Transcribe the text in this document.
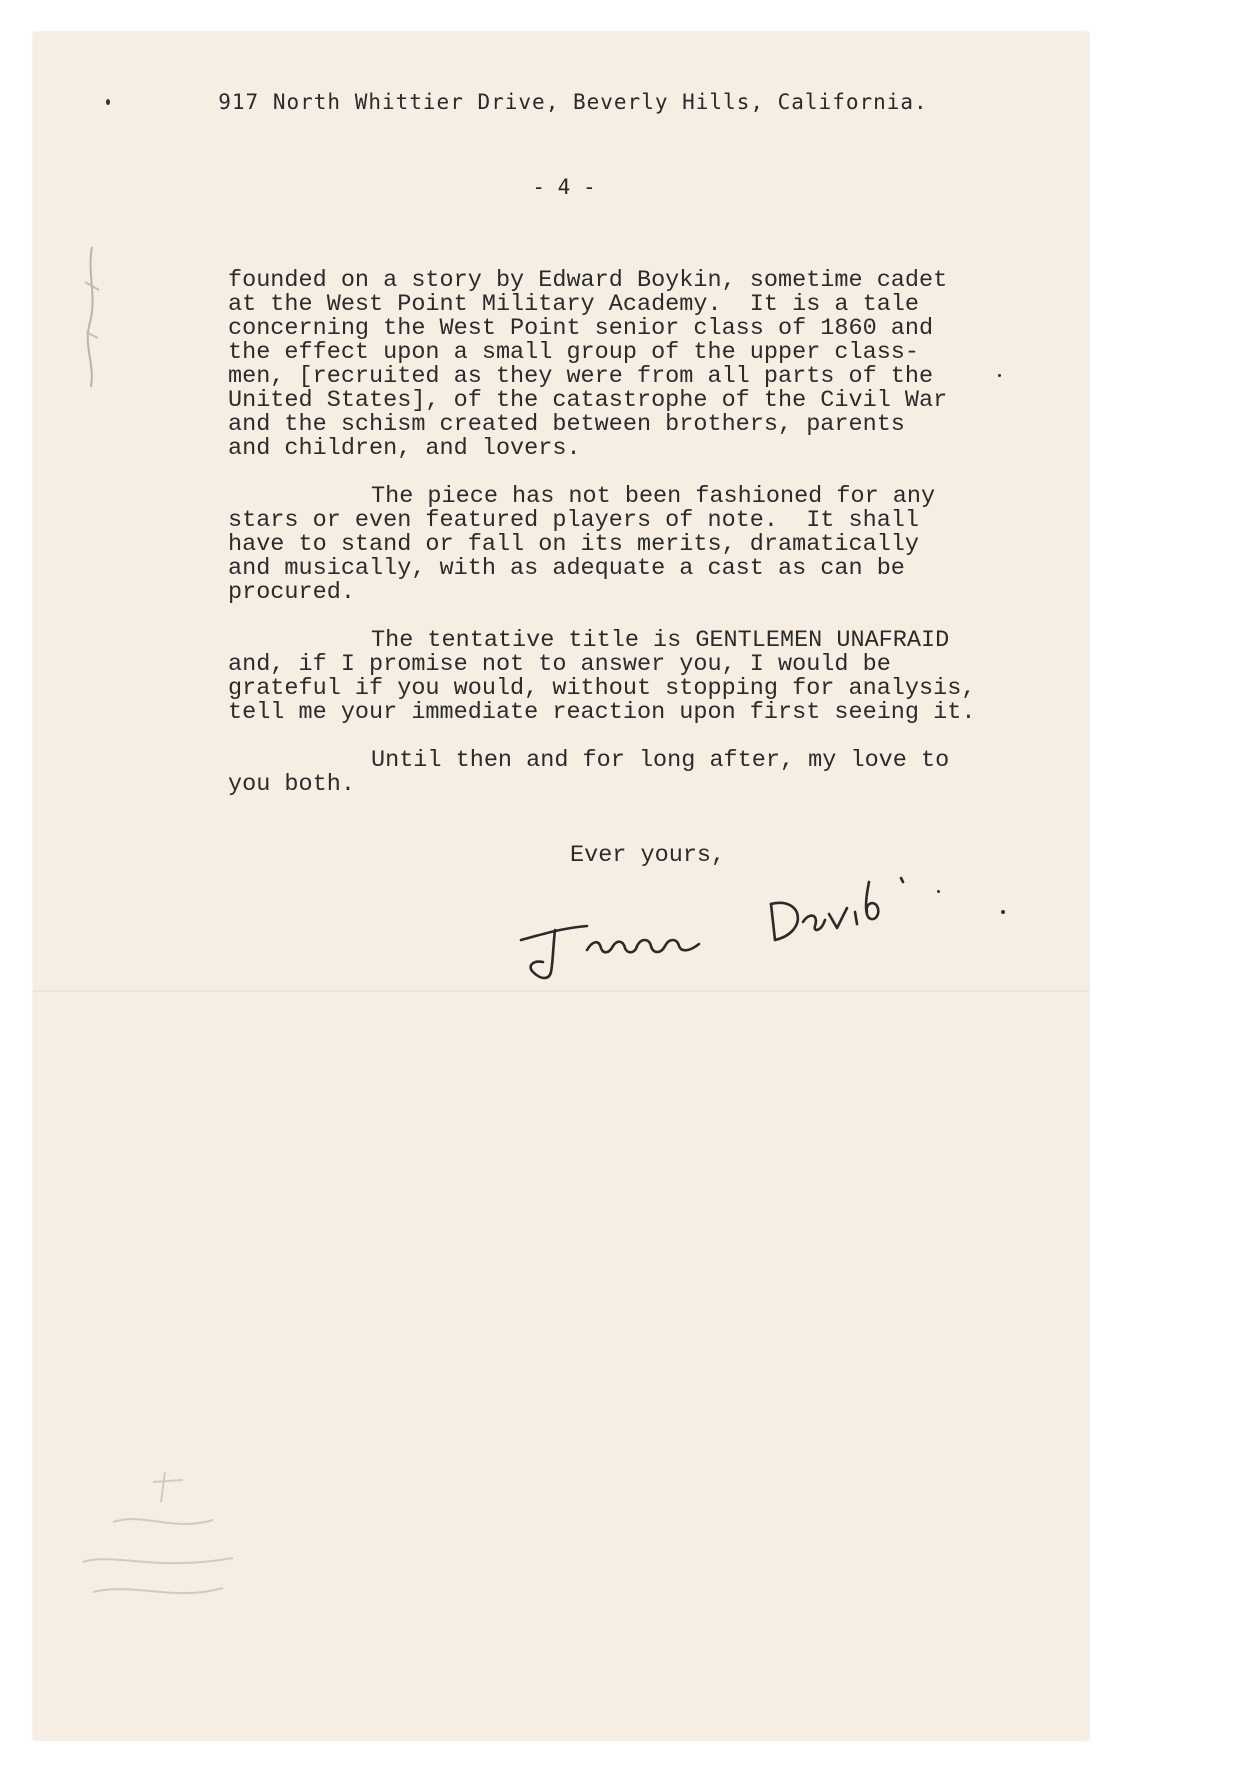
917 North Whittier Drive, Beverly Hills, California.
- 4 -
founded on a story by Edward Boykin, sometime cadet
at the West Point Military Academy.  It is a tale
concerning the West Point senior class of 1860 and
the effect upon a small group of the upper class-
men, [recruited as they were from all parts of the
United States], of the catastrophe of the Civil War
and the schism created between brothers, parents
and children, and lovers.
The piece has not been fashioned for any
stars or even featured players of note.  It shall
have to stand or fall on its merits, dramatically
and musically, with as adequate a cast as can be
procured.
The tentative title is GENTLEMEN UNAFRAID
and, if I promise not to answer you, I would be
grateful if you would, without stopping for analysis,
tell me your immediate reaction upon first seeing it.
Until then and for long after, my love to
you both.
Ever yours,
